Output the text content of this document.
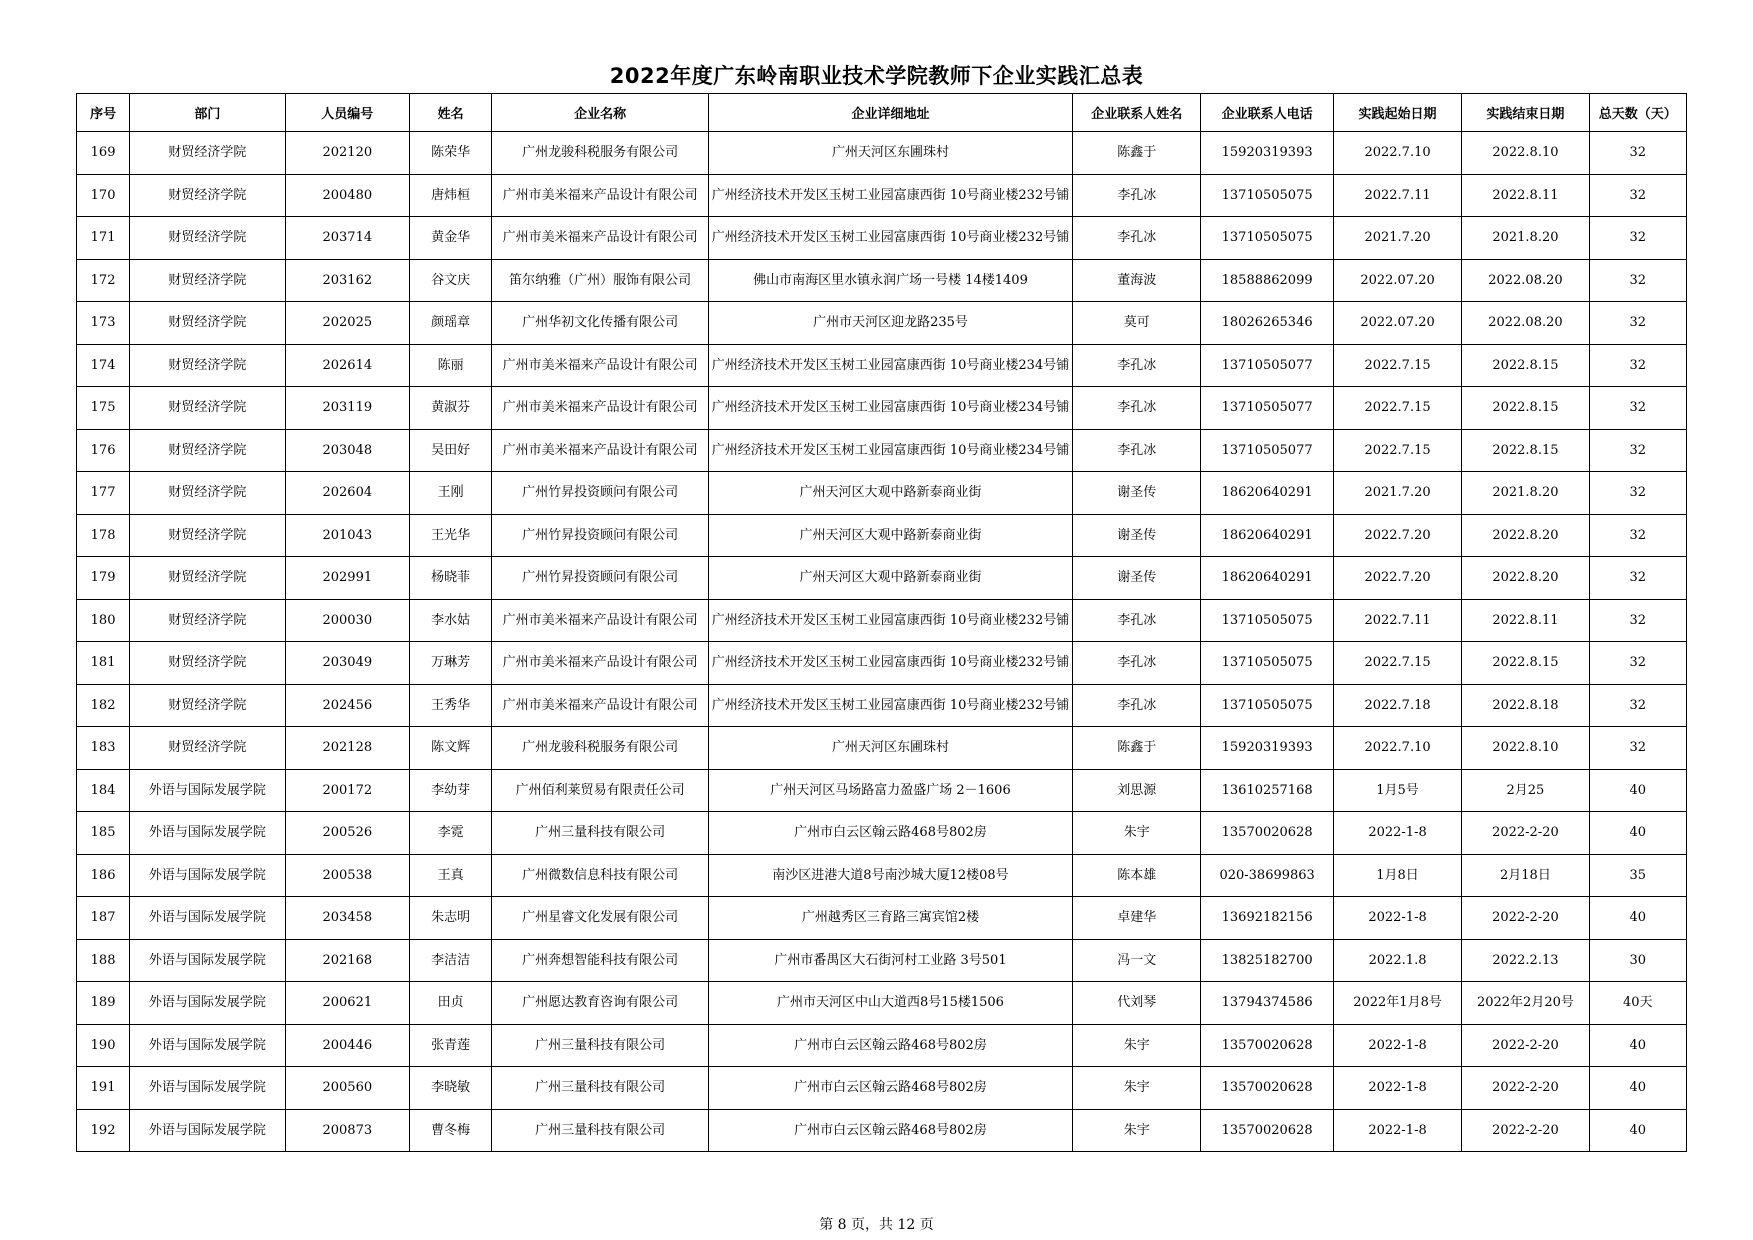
2022年度广东岭南职业技术学院教师下企业实践汇总表
序号	部门	人员编号	姓名	企业名称	企业详细地址	企业联系人姓名	企业联系人电话	实践起始日期	实践结束日期	总天数（天）
169	财贸经济学院	202120	陈荣华	广州龙骏科税服务有限公司	广州天河区东圃珠村	陈鑫于	15920319393	2022.7.10	2022.8.10	32
170	财贸经济学院	200480	唐炜桓	广州市美米福来产品设计有限公司	广州经济技术开发区玉树工业园富康西街 10号商业楼232号铺	李孔冰	13710505075	2022.7.11	2022.8.11	32
171	财贸经济学院	203714	黄金华	广州市美米福来产品设计有限公司	广州经济技术开发区玉树工业园富康西街 10号商业楼232号铺	李孔冰	13710505075	2021.7.20	2021.8.20	32
172	财贸经济学院	203162	谷文庆	笛尔纳雅（广州）服饰有限公司	佛山市南海区里水镇永润广场一号楼 14楼1409	董海波	18588862099	2022.07.20	2022.08.20	32
173	财贸经济学院	202025	颜瑶章	广州华初文化传播有限公司	广州市天河区迎龙路235号	莫可	18026265346	2022.07.20	2022.08.20	32
174	财贸经济学院	202614	陈丽	广州市美米福来产品设计有限公司	广州经济技术开发区玉树工业园富康西街 10号商业楼234号铺	李孔冰	13710505077	2022.7.15	2022.8.15	32
175	财贸经济学院	203119	黄淑芬	广州市美米福来产品设计有限公司	广州经济技术开发区玉树工业园富康西街 10号商业楼234号铺	李孔冰	13710505077	2022.7.15	2022.8.15	32
176	财贸经济学院	203048	吴田好	广州市美米福来产品设计有限公司	广州经济技术开发区玉树工业园富康西街 10号商业楼234号铺	李孔冰	13710505077	2022.7.15	2022.8.15	32
177	财贸经济学院	202604	王刚	广州竹昇投资顾问有限公司	广州天河区大观中路新泰商业街	谢圣传	18620640291	2021.7.20	2021.8.20	32
178	财贸经济学院	201043	王光华	广州竹昇投资顾问有限公司	广州天河区大观中路新泰商业街	谢圣传	18620640291	2022.7.20	2022.8.20	32
179	财贸经济学院	202991	杨晓菲	广州竹昇投资顾问有限公司	广州天河区大观中路新泰商业街	谢圣传	18620640291	2022.7.20	2022.8.20	32
180	财贸经济学院	200030	李水姑	广州市美米福来产品设计有限公司	广州经济技术开发区玉树工业园富康西街 10号商业楼232号铺	李孔冰	13710505075	2022.7.11	2022.8.11	32
181	财贸经济学院	203049	万琳芳	广州市美米福来产品设计有限公司	广州经济技术开发区玉树工业园富康西街 10号商业楼232号铺	李孔冰	13710505075	2022.7.15	2022.8.15	32
182	财贸经济学院	202456	王秀华	广州市美米福来产品设计有限公司	广州经济技术开发区玉树工业园富康西街 10号商业楼232号铺	李孔冰	13710505075	2022.7.18	2022.8.18	32
183	财贸经济学院	202128	陈文辉	广州龙骏科税服务有限公司	广州天河区东圃珠村	陈鑫于	15920319393	2022.7.10	2022.8.10	32
184	外语与国际发展学院	200172	李幼芽	广州佰利莱贸易有限责任公司	广州天河区马场路富力盈盛广场 2－1606	刘思源	13610257168	1月5号	2月25	40
185	外语与国际发展学院	200526	李霓	广州三量科技有限公司	广州市白云区翰云路468号802房	朱宇	13570020628	2022-1-8	2022-2-20	40
186	外语与国际发展学院	200538	王真	广州微数信息科技有限公司	南沙区进港大道8号南沙城大厦12楼08号	陈本雄	020-38699863	1月8日	2月18日	35
187	外语与国际发展学院	203458	朱志明	广州星睿文化发展有限公司	广州越秀区三育路三寓宾馆2楼	卓建华	13692182156	2022-1-8	2022-2-20	40
188	外语与国际发展学院	202168	李洁洁	广州奔想智能科技有限公司	广州市番禺区大石街河村工业路 3号501	冯一文	13825182700	2022.1.8	2022.2.13	30
189	外语与国际发展学院	200621	田贞	广州愿达教育咨询有限公司	广州市天河区中山大道西8号15楼1506	代刘琴	13794374586	2022年1月8号	2022年2月20号	40天
190	外语与国际发展学院	200446	张青莲	广州三量科技有限公司	广州市白云区翰云路468号802房	朱宇	13570020628	2022-1-8	2022-2-20	40
191	外语与国际发展学院	200560	李晓敏	广州三量科技有限公司	广州市白云区翰云路468号802房	朱宇	13570020628	2022-1-8	2022-2-20	40
192	外语与国际发展学院	200873	曹冬梅	广州三量科技有限公司	广州市白云区翰云路468号802房	朱宇	13570020628	2022-1-8	2022-2-20	40
第 8 页，共 12 页
